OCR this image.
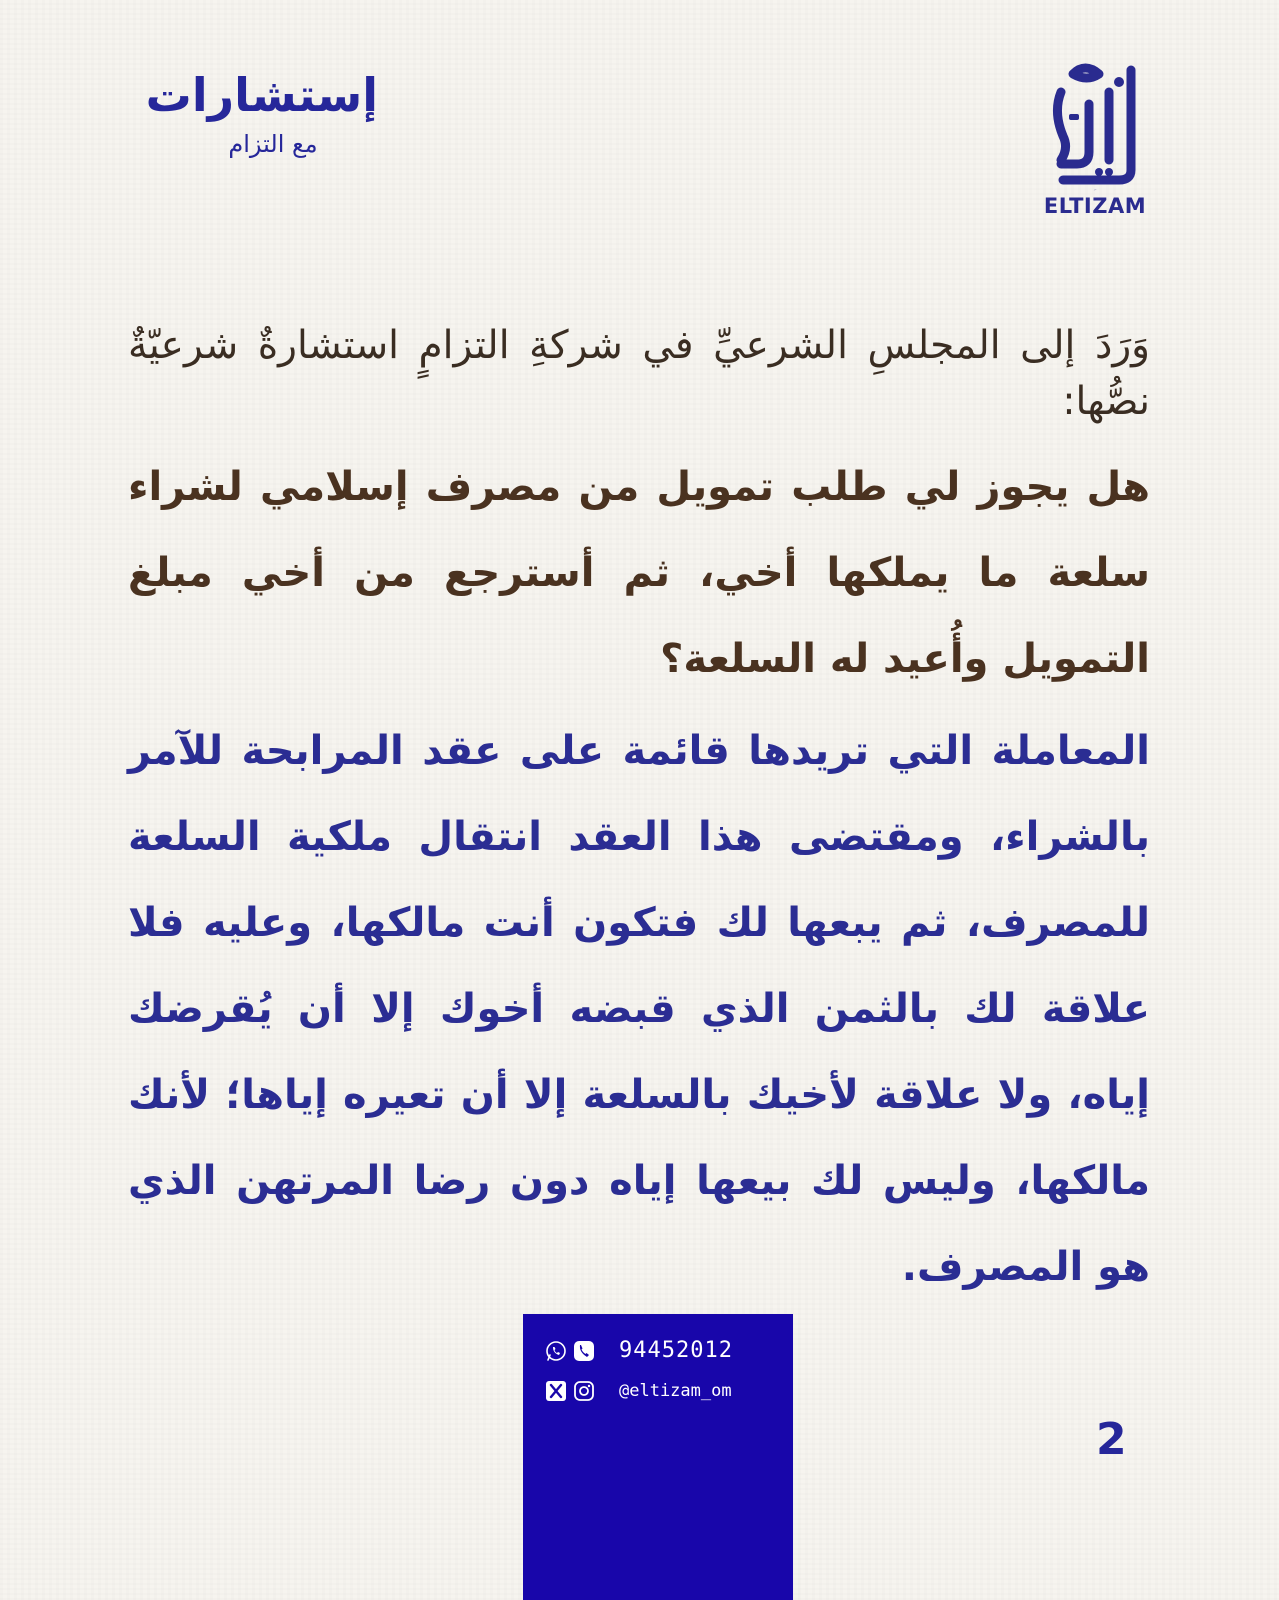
التزام
ELTIZAM
إستشارات
مع التزام

وَرَدَ إلى المجلسِ الشرعيِّ في شركةِ التزامٍ استشارةٌ شرعيّةٌ نصُّها:

هل يجوز لي طلب تمويل من مصرف إسلامي لشراء سلعة ما يملكها أخي، ثم أسترجع من أخي مبلغ التمويل وأُعيد له السلعة؟

المعاملة التي تريدها قائمة على عقد المرابحة للآمر بالشراء، ومقتضى هذا العقد انتقال ملكية السلعة للمصرف، ثم يبعها لك فتكون أنت مالكها، وعليه فلا علاقة لك بالثمن الذي قبضه أخوك إلا أن يُقرضك إياه، ولا علاقة لأخيك بالسلعة إلا أن تعيره إياها؛ لأنك مالكها، وليس لك بيعها إياه دون رضا المرتهن الذي هو المصرف.

94452012
@eltizam_om
2
